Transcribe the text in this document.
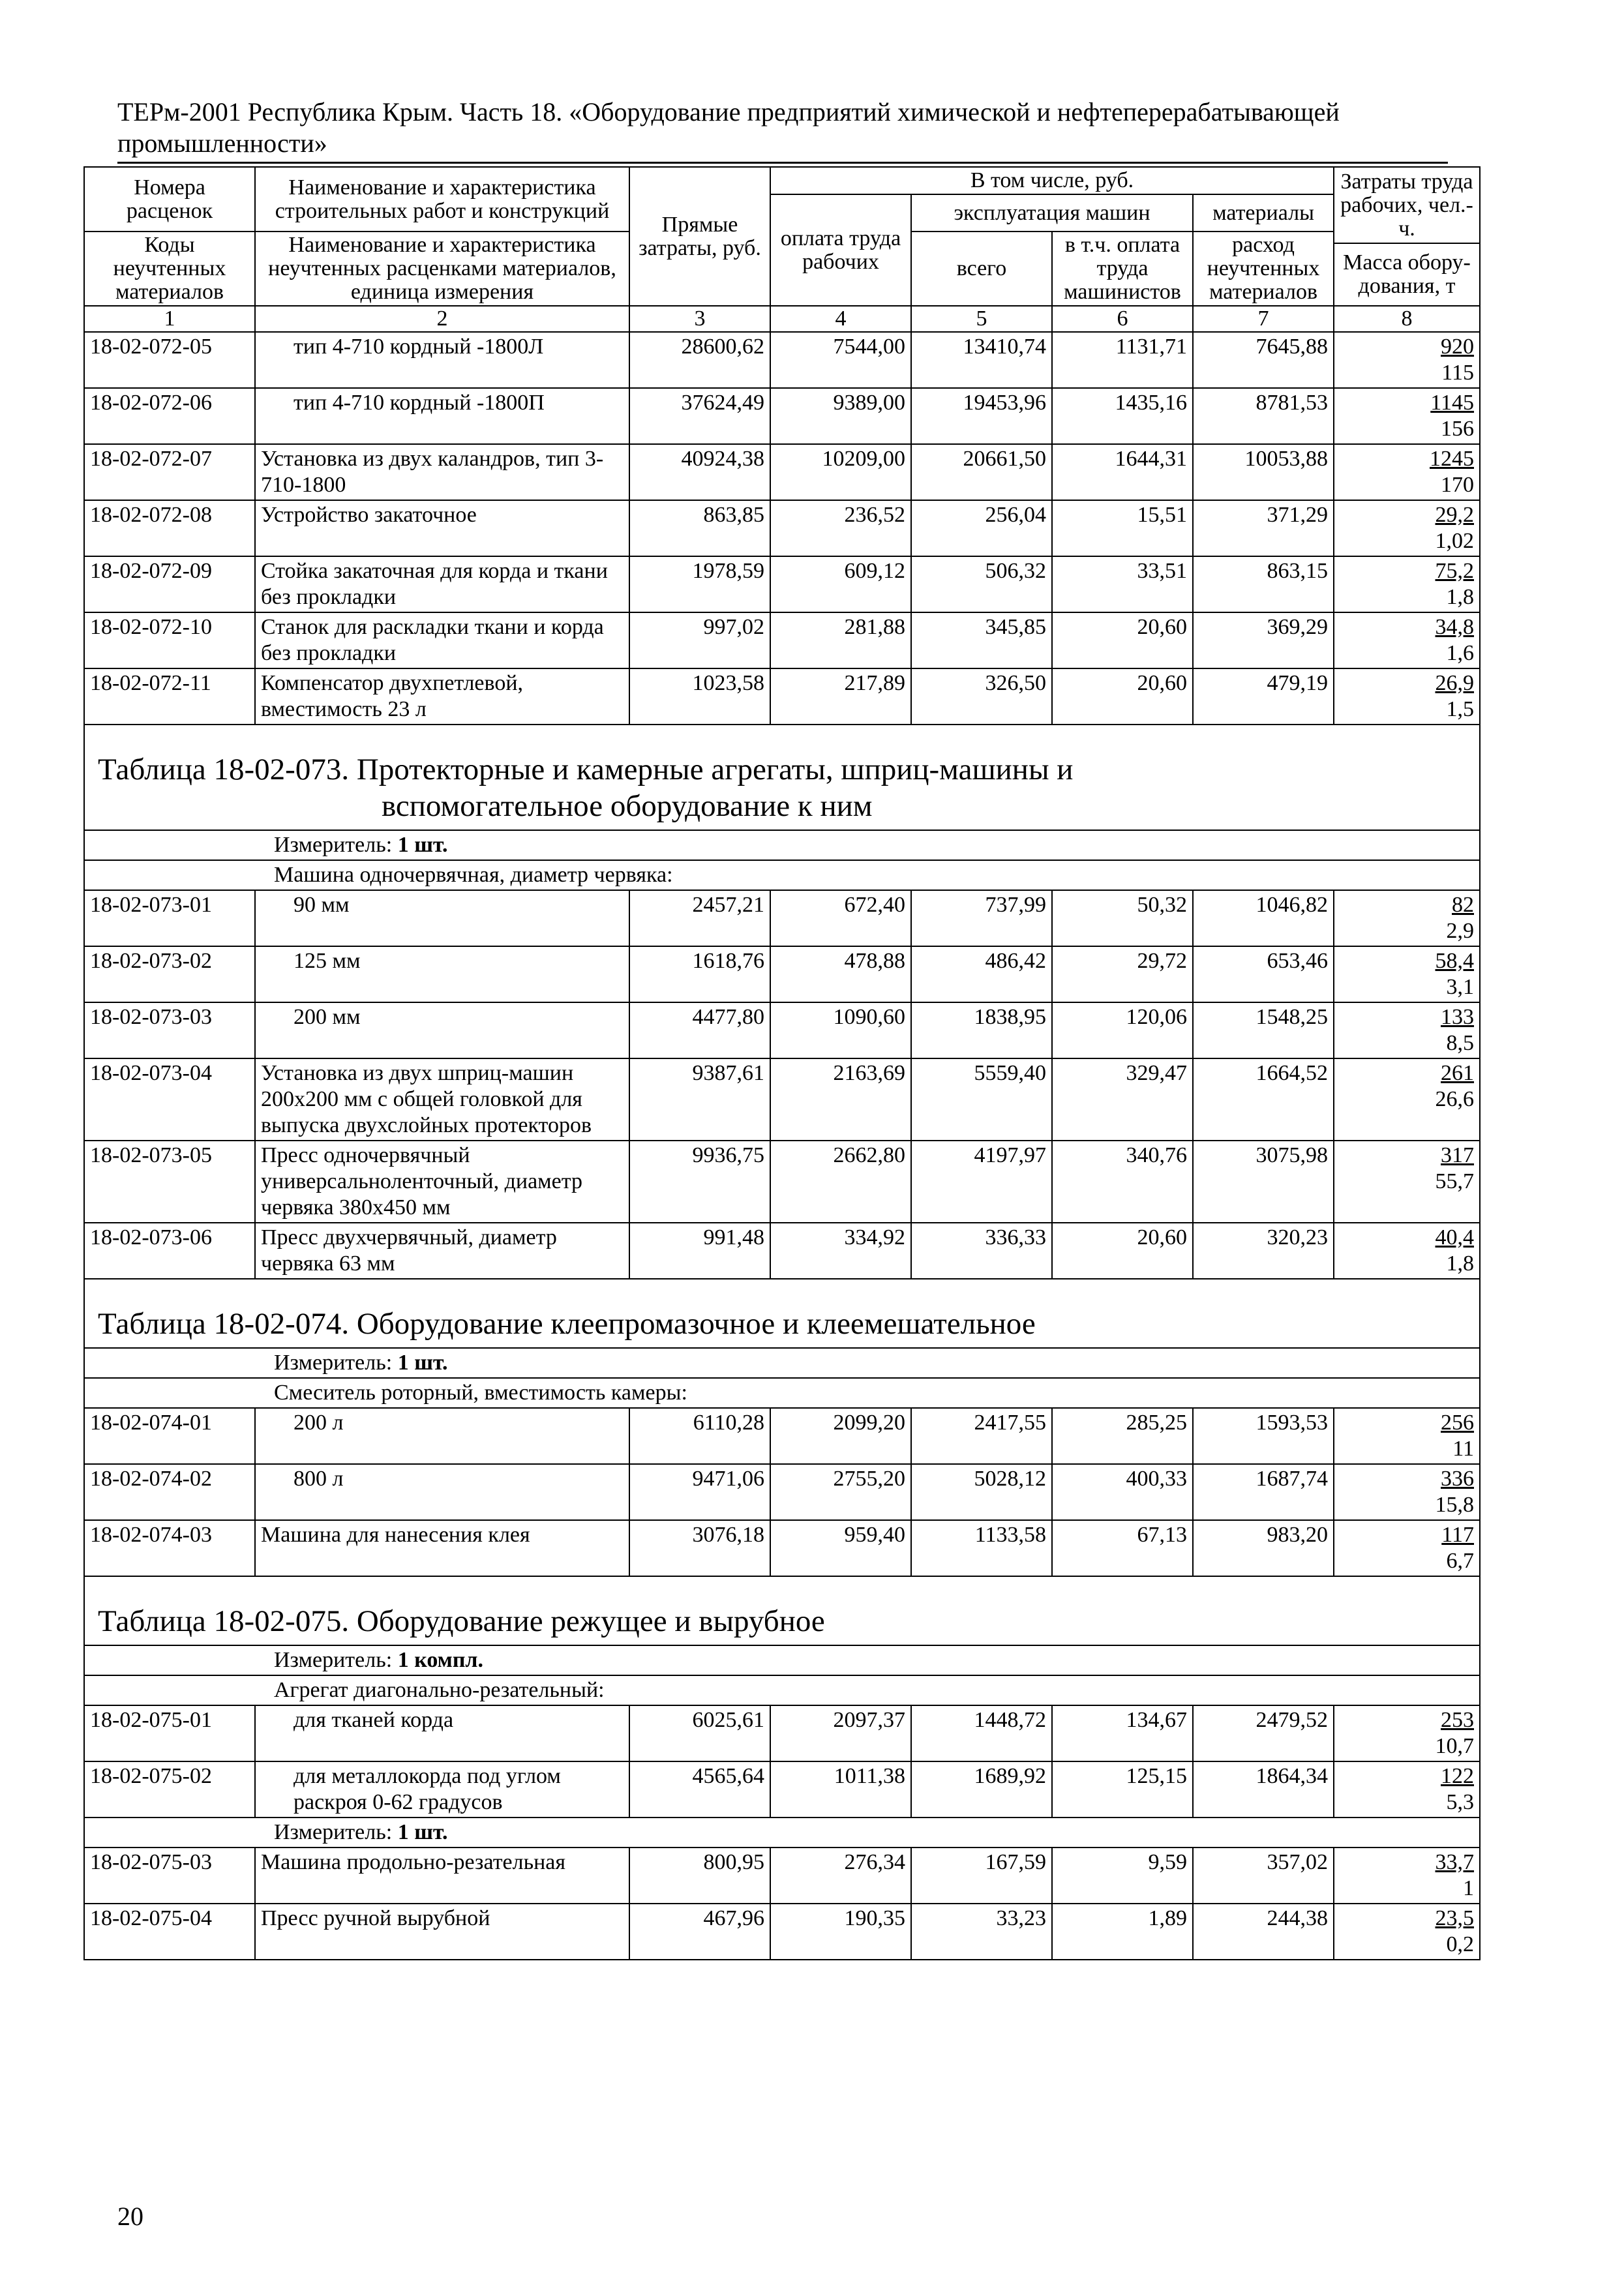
ТЕРм-2001 Республика Крым. Часть 18. «Оборудование предприятий химической и нефтеперерабатывающей
промышленности»
Номера расценок	Наименование и характеристика строительных работ и конструкций	Прямые затраты, руб.	В том числе, руб.				Затраты труда рабочих, чел.-ч.
			оплата труда рабочих	эксплуатация машин		материалы	
Коды неучтенных материалов	Наименование и характеристика неучтенных расценками материалов, единица измерения			всего	в т.ч. оплата труда машинистов	расход неучтенных материалов	
							Масса обору-дования, т
1	2	3	4	5	6	7	8
18-02-072-05	тип 4-710 кордный -1800Л	28600,62	7544,00	13410,74	1131,71	7645,88	920
115

18-02-072-06	тип 4-710 кордный -1800П	37624,49	9389,00	19453,96	1435,16	8781,53	1145
156

18-02-072-07	Установка из двух каландров, тип 3-710-1800	40924,38	10209,00	20661,50	1644,31	10053,88	1245
170

18-02-072-08	Устройство закаточное	863,85	236,52	256,04	15,51	371,29	29,2
1,02

18-02-072-09	Стойка закаточная для корда и ткани без прокладки	1978,59	609,12	506,32	33,51	863,15	75,2
1,8

18-02-072-10	Станок для раскладки ткани и корда без прокладки	997,02	281,88	345,85	20,60	369,29	34,8
1,6

18-02-072-11	Компенсатор двухпетлевой, вместимость 23 л	1023,58	217,89	326,50	20,60	479,19	26,9
1,5

Таблица 18-02-073. Протекторные и камерные агрегаты, шприц-машины и
вспомогательное оборудование к ним							

Измеритель: 1 шт.							
Машина одночервячная, диаметр червяка:							
18-02-073-01	90 мм	2457,21	672,40	737,99	50,32	1046,82	82
2,9

18-02-073-02	125 мм	1618,76	478,88	486,42	29,72	653,46	58,4
3,1

18-02-073-03	200 мм	4477,80	1090,60	1838,95	120,06	1548,25	133
8,5

18-02-073-04	Установка из двух шприц-машин 200х200 мм с общей головкой для выпуска двухслойных протекторов	9387,61	2163,69	5559,40	329,47	1664,52	261
26,6

18-02-073-05	Пресс одночервячный универсальноленточный, диаметр червяка 380х450 мм	9936,75	2662,80	4197,97	340,76	3075,98	317
55,7

18-02-073-06	Пресс двухчервячный, диаметр червяка 63 мм	991,48	334,92	336,33	20,60	320,23	40,4
1,8

Таблица 18-02-074. Оборудование клеепромазочное и клеемешательное							

Измеритель: 1 шт.							
Смеситель роторный, вместимость камеры:							
18-02-074-01	200 л	6110,28	2099,20	2417,55	285,25	1593,53	256
11

18-02-074-02	800 л	9471,06	2755,20	5028,12	400,33	1687,74	336
15,8

18-02-074-03	Машина для нанесения клея	3076,18	959,40	1133,58	67,13	983,20	117
6,7

Таблица 18-02-075. Оборудование режущее и вырубное							

Измеритель: 1 компл.							
Агрегат диагонально-резательный:							
18-02-075-01	для тканей корда	6025,61	2097,37	1448,72	134,67	2479,52	253
10,7

18-02-075-02	для металлокорда под углом раскроя 0-62 градусов	4565,64	1011,38	1689,92	125,15	1864,34	122
5,3

Измеритель: 1 шт.							
18-02-075-03	Машина продольно-резательная	800,95	276,34	167,59	9,59	357,02	33,7
1

18-02-075-04	Пресс ручной вырубной	467,96	190,35	33,23	1,89	244,38	23,5
0,2
20
